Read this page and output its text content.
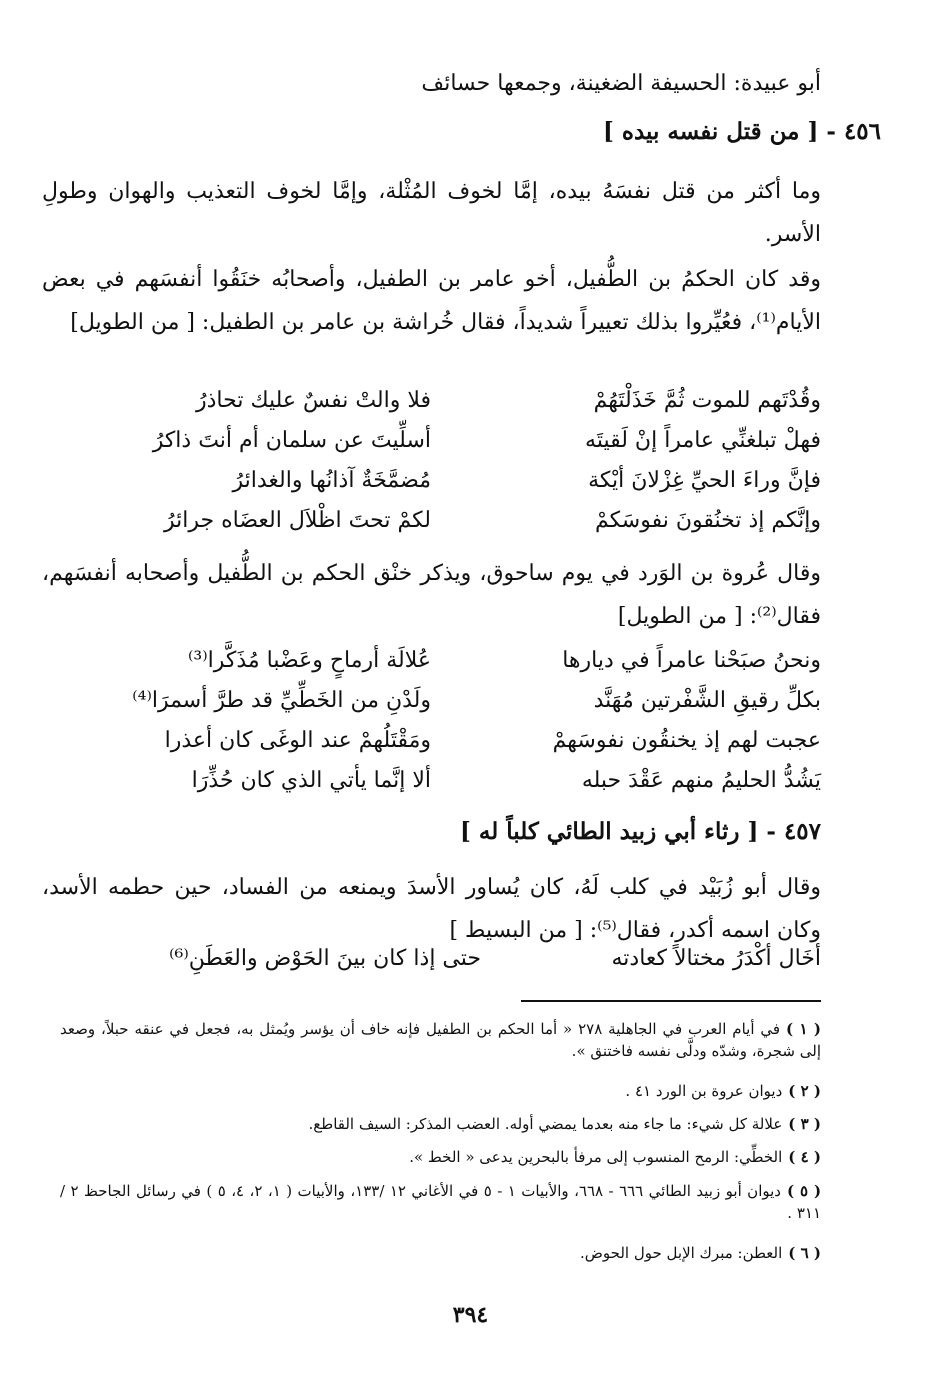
أبو عبيدة: الحسيفة الضغينة، وجمعها حسائف
٤٥٦ - [ من قتل نفسه بيده ]
وما أكثر من قتل نفسَهُ بيده، إمَّا لخوف المُثْلة، وإمَّا لخوف التعذيب والهوان وطولِ الأسر.
وقد كان الحكمُ بن الطُّفيل، أخو عامر بن الطفيل، وأصحابُه خنَقُوا أنفسَهم في بعض الأيام⁽¹⁾، فعُيِّروا بذلك تعييراً شديداً، فقال خُراشة بن عامر بن الطفيل: [ من الطويل]
وقُدْتَهم للموت ثُمَّ خَذَلْتَهُمْ
فلا والتْ نفسٌ عليك تحاذرُ
فهلْ تبلغنِّي عامراً إنْ لَقيتَه
أسلِّيتَ عن سلمان أم أنتَ ذاكرُ
فإنَّ وراءَ الحيِّ غِزْلانَ أيْكة
مُضمَّخَةٌ آذانُها والغدائرُ
وإنَّكم إذ تخنُقونَ نفوسَكمْ
لكمْ تحتَ اظْلاَل العضَاه جرائرُ
وقال عُروة بن الوَرد في يوم ساحوق، ويذكر خنْق الحكم بن الطُّفيل وأصحابه أنفسَهم، فقال⁽²⁾: [ من الطويل]
ونحنُ صبَحْنا عامراً في ديارها
عُلالَة أرماحٍ وعَضْبا مُذَكَّرا⁽³⁾
بكلِّ رقيقِ الشَّفْرتين مُهَنَّد
ولَدْنِ من الخَطِّيِّ قد طرَّ أسمرَا⁽⁴⁾
عجبت لهم إذ يخنقُون نفوسَهمْ
ومَقْتَلُهمْ عند الوغَى كان أعذرا
يَشُدُّ الحليمُ منهم عَقْدَ حبله
ألا إنَّما يأتي الذي كان حُذِّرَا
٤٥٧ - [ رثاء أبي زبيد الطائي كلباً له ]
وقال أبو زُبَيْد في كلب لَهُ، كان يُساور الأسدَ ويمنعه من الفساد، حين حطمه الأسد، وكان اسمه أكدر، فقال⁽⁵⁾: [ من البسيط ]
أخَال أكْدَرُ مختالاً كعادته
حتى إذا كان بينَ الحَوْض والعَطَنِ⁽⁶⁾
( ١ )في أيام العرب في الجاهلية ٢٧٨ « أما الحكم بن الطفيل فإنه خاف أن يؤسر ويُمثل به، فجعل في عنقه حبلاً، وصعد إلى شجرة، وشدّه ودلَّى نفسه فاختنق ».
( ٢ )ديوان عروة بن الورد ٤١ .
( ٣ )علالة كل شيء: ما جاء منه بعدما يمضي أوله. العضب المذكر: السيف القاطع.
( ٤ )الخطِّي: الرمح المنسوب إلى مرفأ بالبحرين يدعى « الخط ».
( ٥ )ديوان أبو زبيد الطائي ٦٦٦ - ٦٦٨، والأبيات ١ - ٥ في الأغاني ١٢ /١٣٣، والأبيات ( ١، ٢، ٤، ٥ ) في رسائل الجاحظ ٢ /٣١١ .
( ٦ )العطن: مبرك الإبل حول الحوض.
٣٩٤
